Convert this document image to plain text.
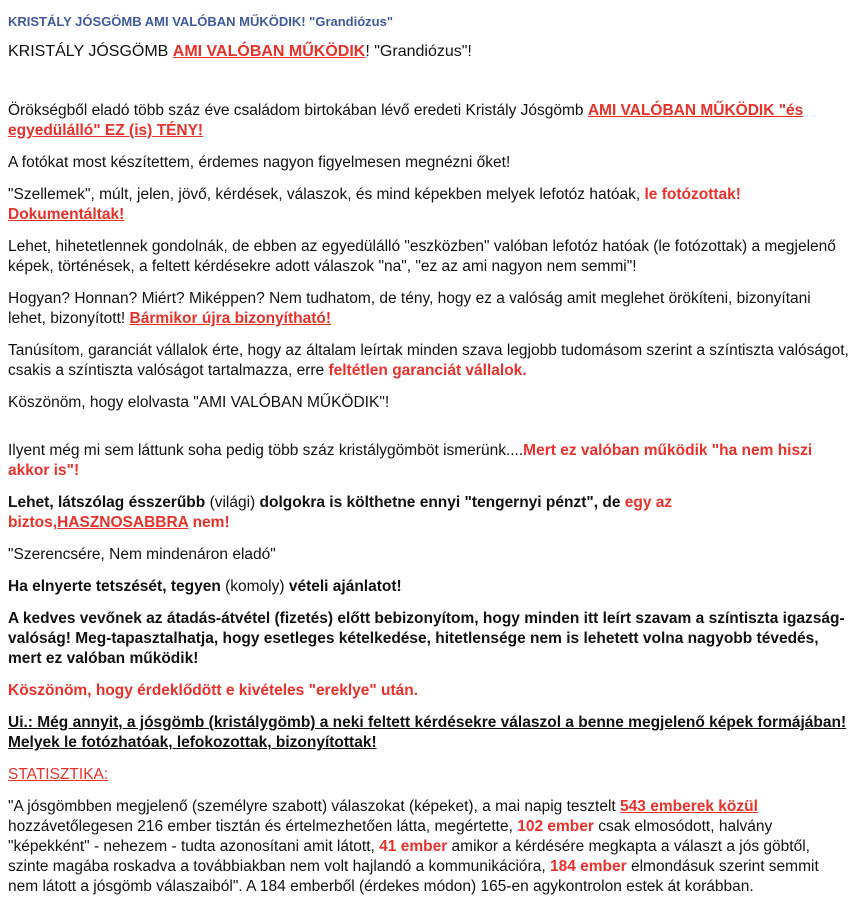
KRISTÁLY JÓSGÖMB AMI VALÓBAN MŰKÖDIK! "Grandiózus"
KRISTÁLY JÓSGÖMB AMI VALÓBAN MŰKÖDIK! "Grandiózus"!

Örökségből eladó több száz éve családom birtokában lévő eredeti Kristály Jósgömb AMI VALÓBAN MŰKÖDIK "és egyedülálló" EZ (is) TÉNY!

A fotókat most készítettem, érdemes nagyon figyelmesen megnézni őket!

"Szellemek", múlt, jelen, jövő, kérdések, válaszok, és mind képekben melyek lefotóz hatóak, le fotózottak! Dokumentáltak!

Lehet, hihetetlennek gondolnák, de ebben az egyedülálló "eszközben" valóban lefotóz hatóak (le fotózottak) a megjelenő képek, történések, a feltett kérdésekre adott válaszok "na", "ez az ami nagyon nem semmi"!

Hogyan? Honnan? Miért? Miképpen? Nem tudhatom, de tény, hogy ez a valóság amit meglehet örökíteni, bizonyítani lehet, bizonyított! Bármikor újra bizonyítható!

Tanúsítom, garanciát vállalok érte, hogy az általam leírtak minden szava legjobb tudomásom szerint a színtiszta valóságot, csakis a színtiszta valóságot tartalmazza, erre feltétlen garanciát vállalok.

Köszönöm, hogy elolvasta "AMI VALÓBAN MŰKÖDIK"!

Ilyent még mi sem láttunk soha pedig több száz kristálygömböt ismerünk....Mert ez valóban működik "ha nem hiszi akkor is"!

Lehet, látszólag ésszerűbb (világi) dolgokra is költhetne ennyi "tengernyi pénzt", de egy az biztos,HASZNOSABBRA nem!

"Szerencsére, Nem mindenáron eladó"

Ha elnyerte tetszését, tegyen (komoly) vételi ajánlatot!

A kedves vevőnek az átadás-átvétel (fizetés) előtt bebizonyítom, hogy minden itt leírt szavam a színtiszta igazság-valóság! Meg-tapasztalhatja, hogy esetleges kételkedése, hitetlensége nem is lehetett volna nagyobb tévedés, mert ez valóban működik!

Köszönöm, hogy érdeklődött e kivételes "ereklye" után.

Ui.: Még annyit, a jósgömb (kristálygömb) a neki feltett kérdésekre válaszol a benne megjelenő képek formájában! Melyek le fotózhatóak, lefokozottak, bizonyítottak!

STATISZTIKA:

"A jósgömbben megjelenő (személyre szabott) válaszokat (képeket), a mai napig tesztelt 543 emberek közül hozzávetőlegesen 216 ember tisztán és értelmezhetően látta, megértette, 102 ember csak elmosódott, halvány "képekként" - nehezem - tudta azonosítani amit látott, 41 ember amikor a kérdésére megkapta a választ a jós göbtől, szinte magába roskadva a továbbiakban nem volt hajlandó a kommunikációra, 184 ember elmondásuk szerint semmit nem látott a jósgömb válaszaiból". A 184 emberből (érdekes módon) 165-en agykontrolon estek át korábban.
